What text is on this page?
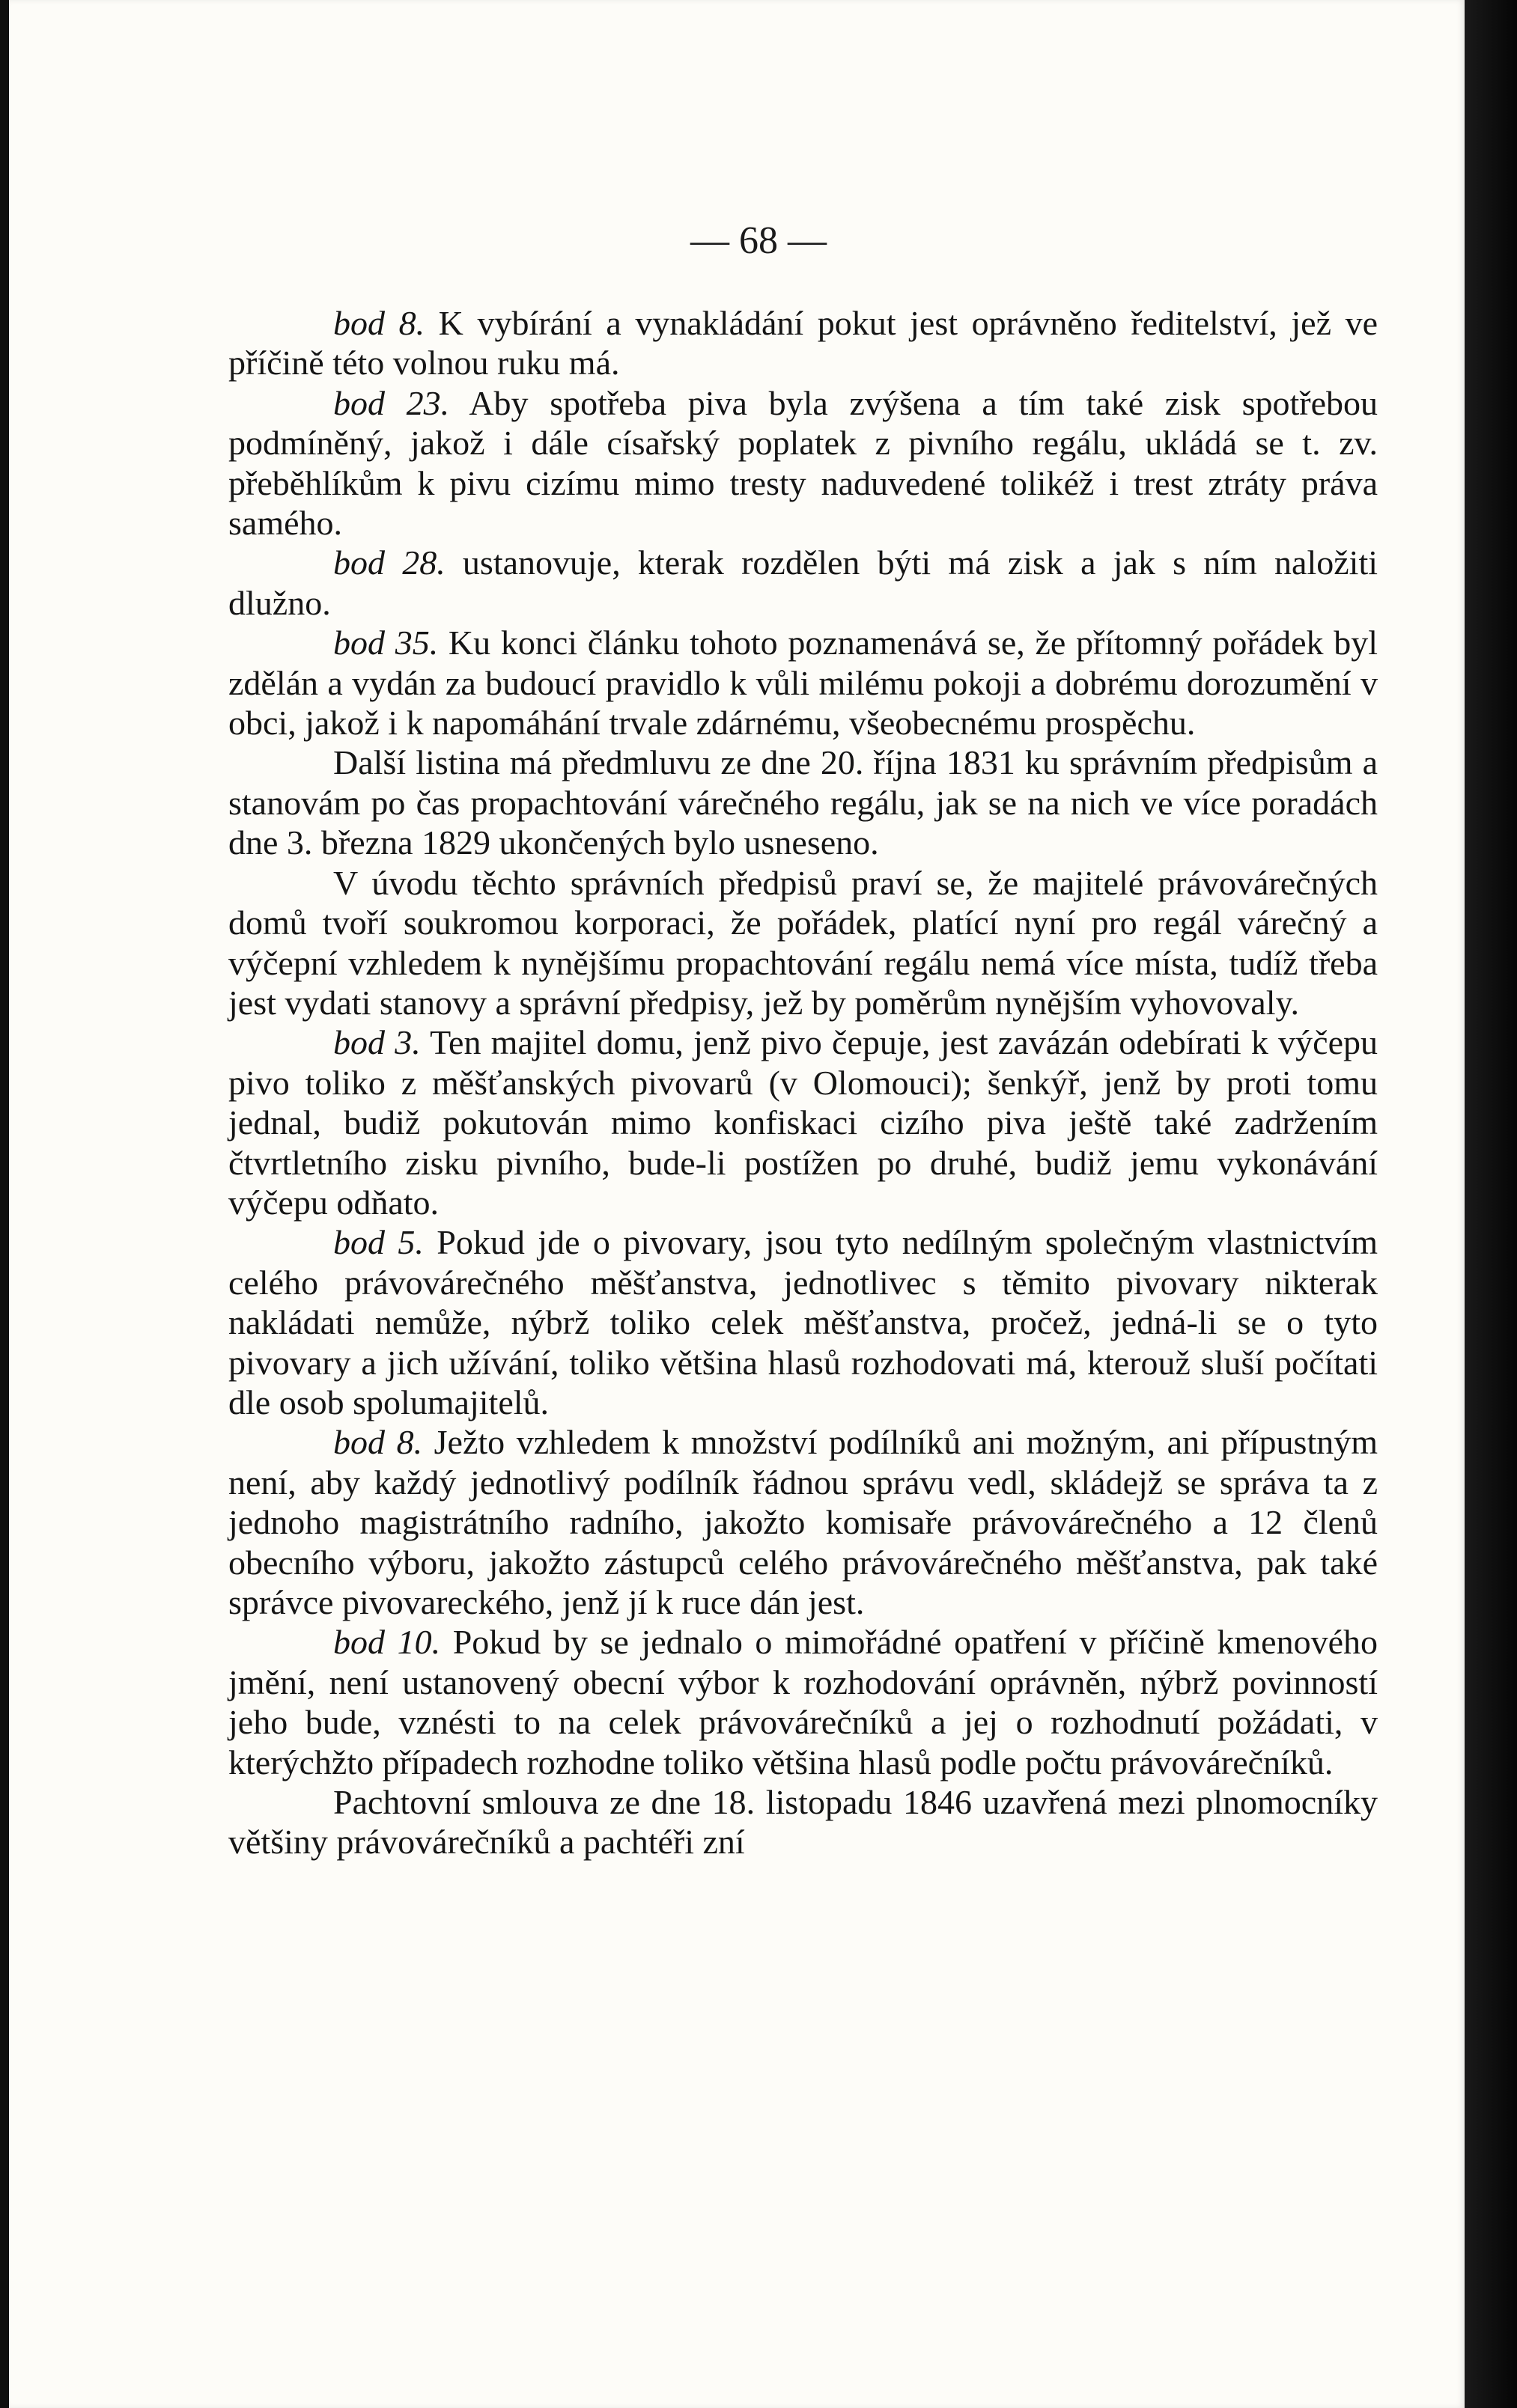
— 68 —

bod 8. K vybírání a vynakládání pokut jest oprávněno ředitelství, jež ve příčině této volnou ruku má.

bod 23. Aby spotřeba piva byla zvýšena a tím také zisk spotřebou podmíněný, jakož i dále císařský poplatek z pivního regálu, ukládá se t. zv. přeběhlíkům k pivu cizímu mimo tresty naduvedené tolikéž i trest ztráty práva samého.

bod 28. ustanovuje, kterak rozdělen býti má zisk a jak s ním naložiti dlužno.

bod 35. Ku konci článku tohoto poznamenává se, že přítomný pořádek byl zdělán a vydán za budoucí pravidlo k vůli milému pokoji a dobrému dorozumění v obci, jakož i k napomáhání trvale zdárnému, všeobecnému prospěchu.

Další listina má předmluvu ze dne 20. října 1831 ku správním předpisům a stanovám po čas propachtování várečného regálu, jak se na nich ve více poradách dne 3. března 1829 ukončených bylo usneseno.

V úvodu těchto správních předpisů praví se, že majitelé právovárečných domů tvoří soukromou korporaci, že pořádek, platící nyní pro regál várečný a výčepní vzhledem k nynějšímu propachtování regálu nemá více místa, tudíž třeba jest vydati stanovy a správní předpisy, jež by poměrům nynějším vyhovovaly.

bod 3. Ten majitel domu, jenž pivo čepuje, jest zavázán odebírati k výčepu pivo toliko z měšťanských pivovarů (v Olomouci); šenkýř, jenž by proti tomu jednal, budiž pokutován mimo konfiskaci cizího piva ještě také zadržením čtvrtletního zisku pivního, bude-li postížen po druhé, budiž jemu vykonávání výčepu odňato.

bod 5. Pokud jde o pivovary, jsou tyto nedílným společným vlastnictvím celého právovárečného měšťanstva, jednotlivec s těmito pivovary nikterak nakládati nemůže, nýbrž toliko celek měšťanstva, pročež, jedná-li se o tyto pivovary a jich užívání, toliko většina hlasů rozhodovati má, kterouž sluší počítati dle osob spolumajitelů.

bod 8. Ježto vzhledem k množství podílníků ani možným, ani přípustným není, aby každý jednotlivý podílník řádnou správu vedl, skládejž se správa ta z jednoho magistrátního radního, jakožto komisaře právovárečného a 12 členů obecního výboru, jakožto zástupců celého právovárečného měšťanstva, pak také správce pivovareckého, jenž jí k ruce dán jest.

bod 10. Pokud by se jednalo o mimořádné opatření v příčině kmenového jmění, není ustanovený obecní výbor k rozhodování oprávněn, nýbrž povinností jeho bude, vznésti to na celek právovárečníků a jej o rozhodnutí požádati, v kterýchžto případech rozhodne toliko většina hlasů podle počtu právovárečníků.

Pachtovní smlouva ze dne 18. listopadu 1846 uzavřená mezi plnomocníky většiny právovárečníků a pachtéři zní
